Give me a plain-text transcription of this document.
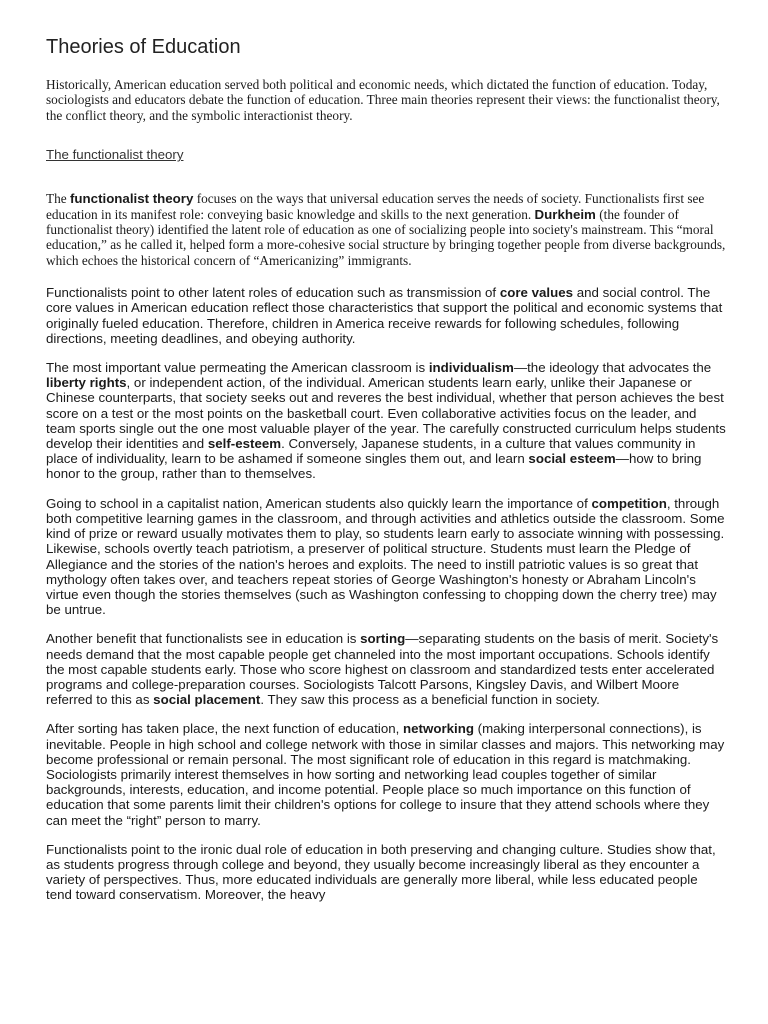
Theories of Education

Historically, American education served both political and economic needs, which dictated the function of education. Today, sociologists and educators debate the function of education. Three main theories represent their views: the functionalist theory, the conflict theory, and the symbolic interactionist theory.

The functionalist theory

The functionalist theory focuses on the ways that universal education serves the needs of society. Functionalists first see education in its manifest role: conveying basic knowledge and skills to the next generation. Durkheim (the founder of functionalist theory) identified the latent role of education as one of socializing people into society's mainstream. This “moral education,” as he called it, helped form a more-cohesive social structure by bringing together people from diverse backgrounds, which echoes the historical concern of “Americanizing” immigrants.

Functionalists point to other latent roles of education such as transmission of core values and social control. The core values in American education reflect those characteristics that support the political and economic systems that originally fueled education. Therefore, children in America receive rewards for following schedules, following directions, meeting deadlines, and obeying authority.

The most important value permeating the American classroom is individualism—the ideology that advocates the liberty rights, or independent action, of the individual. American students learn early, unlike their Japanese or Chinese counterparts, that society seeks out and reveres the best individual, whether that person achieves the best score on a test or the most points on the basketball court. Even collaborative activities focus on the leader, and team sports single out the one most valuable player of the year. The carefully constructed curriculum helps students develop their identities and self-esteem. Conversely, Japanese students, in a culture that values community in place of individuality, learn to be ashamed if someone singles them out, and learn social esteem—how to bring honor to the group, rather than to themselves.

Going to school in a capitalist nation, American students also quickly learn the importance of competition, through both competitive learning games in the classroom, and through activities and athletics outside the classroom. Some kind of prize or reward usually motivates them to play, so students learn early to associate winning with possessing. Likewise, schools overtly teach patriotism, a preserver of political structure. Students must learn the Pledge of Allegiance and the stories of the nation's heroes and exploits. The need to instill patriotic values is so great that mythology often takes over, and teachers repeat stories of George Washington's honesty or Abraham Lincoln's virtue even though the stories themselves (such as Washington confessing to chopping down the cherry tree) may be untrue.

Another benefit that functionalists see in education is sorting—separating students on the basis of merit. Society's needs demand that the most capable people get channeled into the most important occupations. Schools identify the most capable students early. Those who score highest on classroom and standardized tests enter accelerated programs and college-preparation courses. Sociologists Talcott Parsons, Kingsley Davis, and Wilbert Moore referred to this as social placement. They saw this process as a beneficial function in society.

After sorting has taken place, the next function of education, networking (making interpersonal connections), is inevitable. People in high school and college network with those in similar classes and majors. This networking may become professional or remain personal. The most significant role of education in this regard is matchmaking. Sociologists primarily interest themselves in how sorting and networking lead couples together of similar backgrounds, interests, education, and income potential. People place so much importance on this function of education that some parents limit their children's options for college to insure that they attend schools where they can meet the “right” person to marry.

Functionalists point to the ironic dual role of education in both preserving and changing culture. Studies show that, as students progress through college and beyond, they usually become increasingly liberal as they encounter a variety of perspectives. Thus, more educated individuals are generally more liberal, while less educated people tend toward conservatism. Moreover, the heavy
